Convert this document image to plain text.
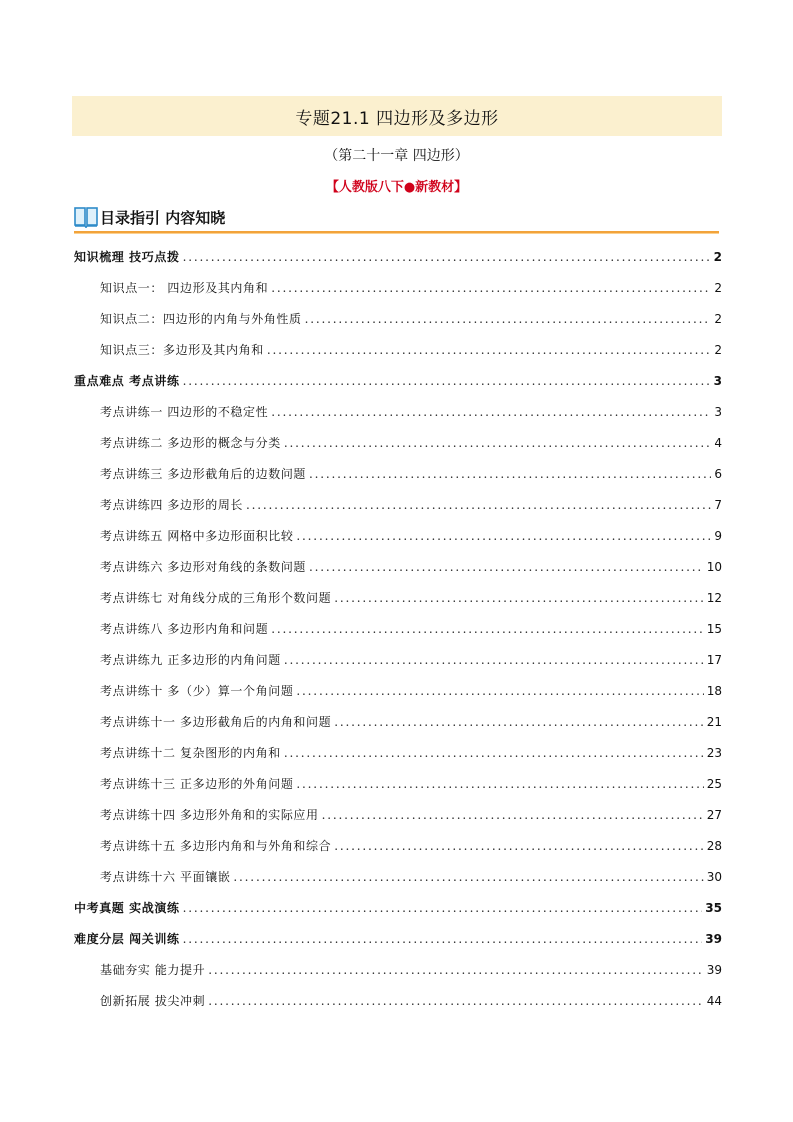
专题21.1 四边形及多边形
（第二十一章 四边形）
【人教版八下●新教材】
目录指引 内容知晓
知识梳理 技巧点拨 . . .	2
知识点一： 四边形及其内角和 . . .	2
知识点二：四边形的内角与外角性质 . . .	2
知识点三：多边形及其内角和 . . .	2
重点难点 考点讲练 . . .	3
考点讲练一 四边形的不稳定性 . . .	3
考点讲练二 多边形的概念与分类 . . .	4
考点讲练三 多边形截角后的边数问题 . . .	6
考点讲练四 多边形的周长 . . .	7
考点讲练五 网格中多边形面积比较 . . .	9
考点讲练六 多边形对角线的条数问题 . . .	10
考点讲练七 对角线分成的三角形个数问题 . . .	12
考点讲练八 多边形内角和问题 . . .	15
考点讲练九 正多边形的内角问题 . . .	17
考点讲练十 多（少）算一个角问题 . . .	18
考点讲练十一 多边形截角后的内角和问题 . . .	21
考点讲练十二 复杂图形的内角和 . . .	23
考点讲练十三 正多边形的外角问题 . . .	25
考点讲练十四 多边形外角和的实际应用 . . .	27
考点讲练十五 多边形内角和与外角和综合 . . .	28
考点讲练十六 平面镶嵌 . . .	30
中考真题 实战演练 . . .	35
难度分层 闯关训练 . . .	39
基础夯实 能力提升 . . .	39
创新拓展 拔尖冲刺 . . .	44
